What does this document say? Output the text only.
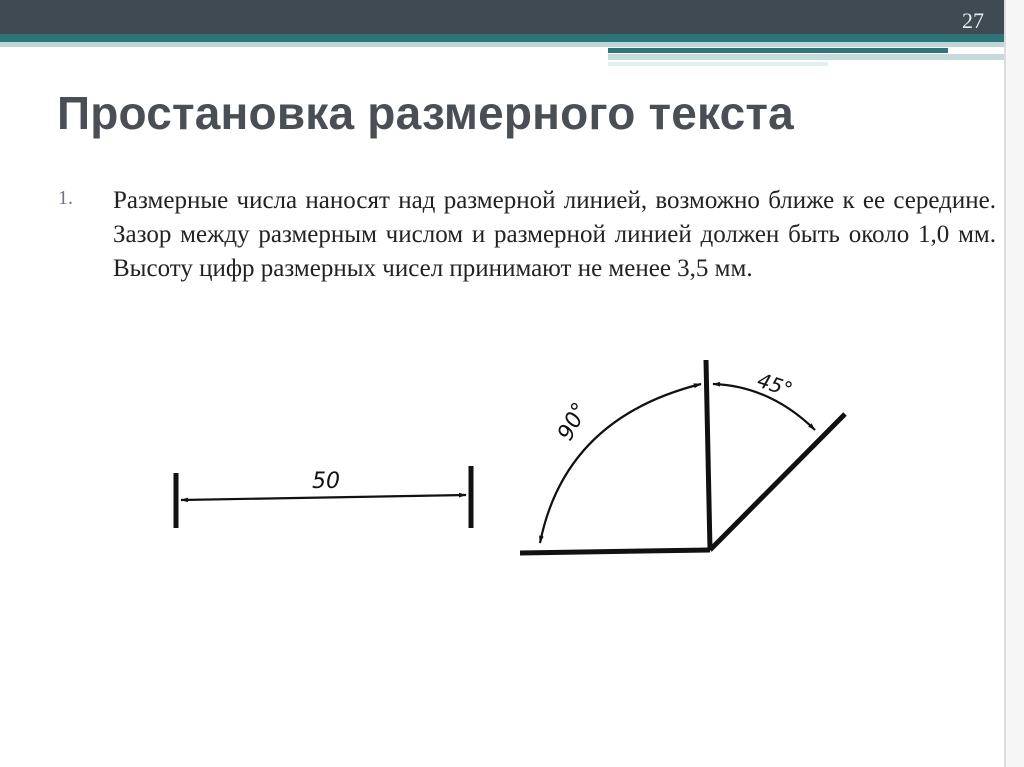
27
Простановка размерного текста
1.	Размерные числа наносят над размерной линией, возможно ближе к ее середине. Зазор между размерным числом и размерной линией должен быть около 1,0 мм. Высоту цифр размерных чисел принимают не менее 3,5 мм.

50
90°
45°
